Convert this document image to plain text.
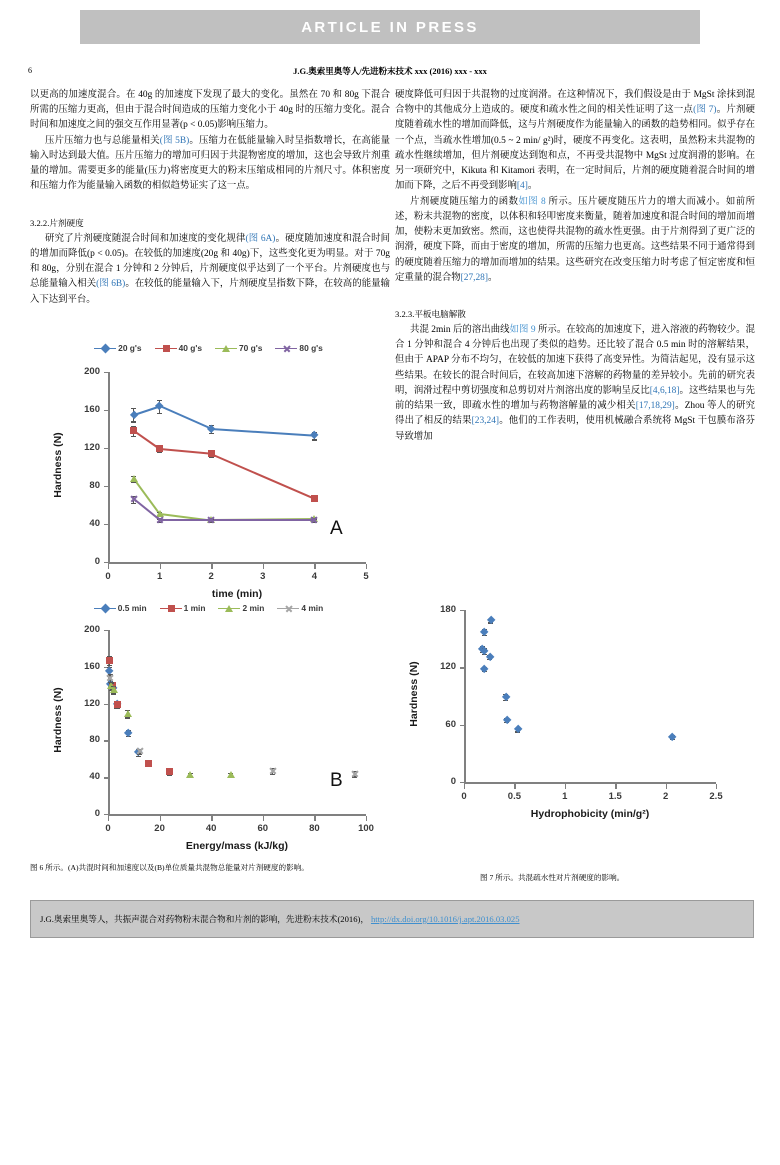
ARTICLE IN PRESS
6	J.G.奥索里奥等人/先进粉末技术 xxx (2016) xxx - xxx

以更高的加速度混合。在 40g 的加速度下发现了最大的变化。虽然在 70 和 80g 下混合所需的压缩力更高，但由于混合时间造成的压缩力变化小于 40g 时的压缩力变化。混合时间和加速度之间的强交互作用显著(p < 0.05)影响压缩力。

压片压缩力也与总能量相关(图 5B)。压缩力在低能量输入时呈指数增长，在高能量输入时达到最大值。压片压缩力的增加可归因于共混物密度的增加，这也会导致片剂重量的增加。需要更多的能量(压力)将密度更大的粉末压缩成相同的片剂尺寸。体积密度和压缩力作为能量输入函数的相似趋势证实了这一点。

3.2.2.片剂硬度

研究了片剂硬度随混合时间和加速度的变化规律(图 6A)。硬度随加速度和混合时间的增加而降低(p < 0.05)。在较低的加速度(20g 和 40g)下，这些变化更为明显。对于 70g 和 80g，分别在混合 1 分钟和 2 分钟后，片剂硬度似乎达到了一个平台。片剂硬度也与总能量输入相关(图 6B)。在较低的能量输入下，片剂硬度呈指数下降，在较高的能量输入下达到平台。

硬度降低可归因于共混物的过度润滑。在这种情况下，我们假设是由于 MgSt 涂抹到混合物中的其他成分上造成的。硬度和疏水性之间的相关性证明了这一点(图 7)。片剂硬度随着疏水性的增加而降低，这与片剂硬度作为能量输入的函数的趋势相同。似乎存在一个点，当疏水性增加(0.5 ~ 2 min/ g²)时，硬度不再变化。这表明，虽然粉末共混物的疏水性继续增加，但片剂硬度达到饱和点，不再受共混物中 MgSt 过度润滑的影响。在另一项研究中，Kikuta 和 Kitamori 表明，在一定时间后，片剂的硬度随着混合时间的增加而下降，之后不再受到影响[4]。

片剂硬度随压缩力的函数如图 8 所示。压片硬度随压片力的增大而减小。如前所述，粉末共混物的密度，以体积和轻叩密度来衡量，随着加速度和混合时间的增加而增加，使粉末更加致密。然而，这也使得共混物的疏水性更强。由于片剂得到了更广泛的润滑，硬度下降，而由于密度的增加，所需的压缩力也更高。这些结果不同于通常得到的硬度随着压缩力的增加而增加的结果。这些研究在改变压缩力时考虑了恒定密度和恒定重量的混合物[27,28]。

3.2.3.平板电脑解散

共混 2min 后的溶出曲线如图 9 所示。在较高的加速度下，进入溶液的药物较少。混合 1 分钟和混合 4 分钟后也出现了类似的趋势。还比较了混合 0.5 min 时的溶解结果，但由于 APAP 分布不均匀，在较低的加速下获得了高变异性。为简洁起见，没有显示这些结果。在较长的混合时间后，在较高加速下溶解的药物量的差异较小。先前的研究表明，润滑过程中剪切强度和总剪切对片剂溶出度的影响呈反比[4,6,18]。这些结果也与先前的结果一致，即疏水性的增加与药物溶解量的减少相关[17,18,29]。Zhou 等人的研究得出了相反的结果[23,24]。他们的工作表明，使用机械融合系统将 MgSt 干包膜布洛芬导致增加

20 g's	40 g's	70 g's	80 g's
0
40
80
120
160
200
0	1	2	3	4	5
time (min)
Hardness (N)
A
0.5 min	1 min	2 min	4 min
0
40
80
120
160
200
0	20	40	60	80	100
Energy/mass (kJ/kg)
Hardness (N)
B	0
60
120
180
0	0.5	1	1.5	2	2.5
Hydrophobicity (min/g²)
Hardness (N)
图 6 所示。(A)共混时间和加速度以及(B)单位质量共混物总能量对片剂硬度的影响。
图 7 所示。共混疏水性对片剂硬度的影响。
J.G.奥索里奥等人，共振声混合对药物粉末混合物和片剂的影响，先进粉末技术(2016)， http://dx.doi.org/10.1016/j.apt.2016.03.025
